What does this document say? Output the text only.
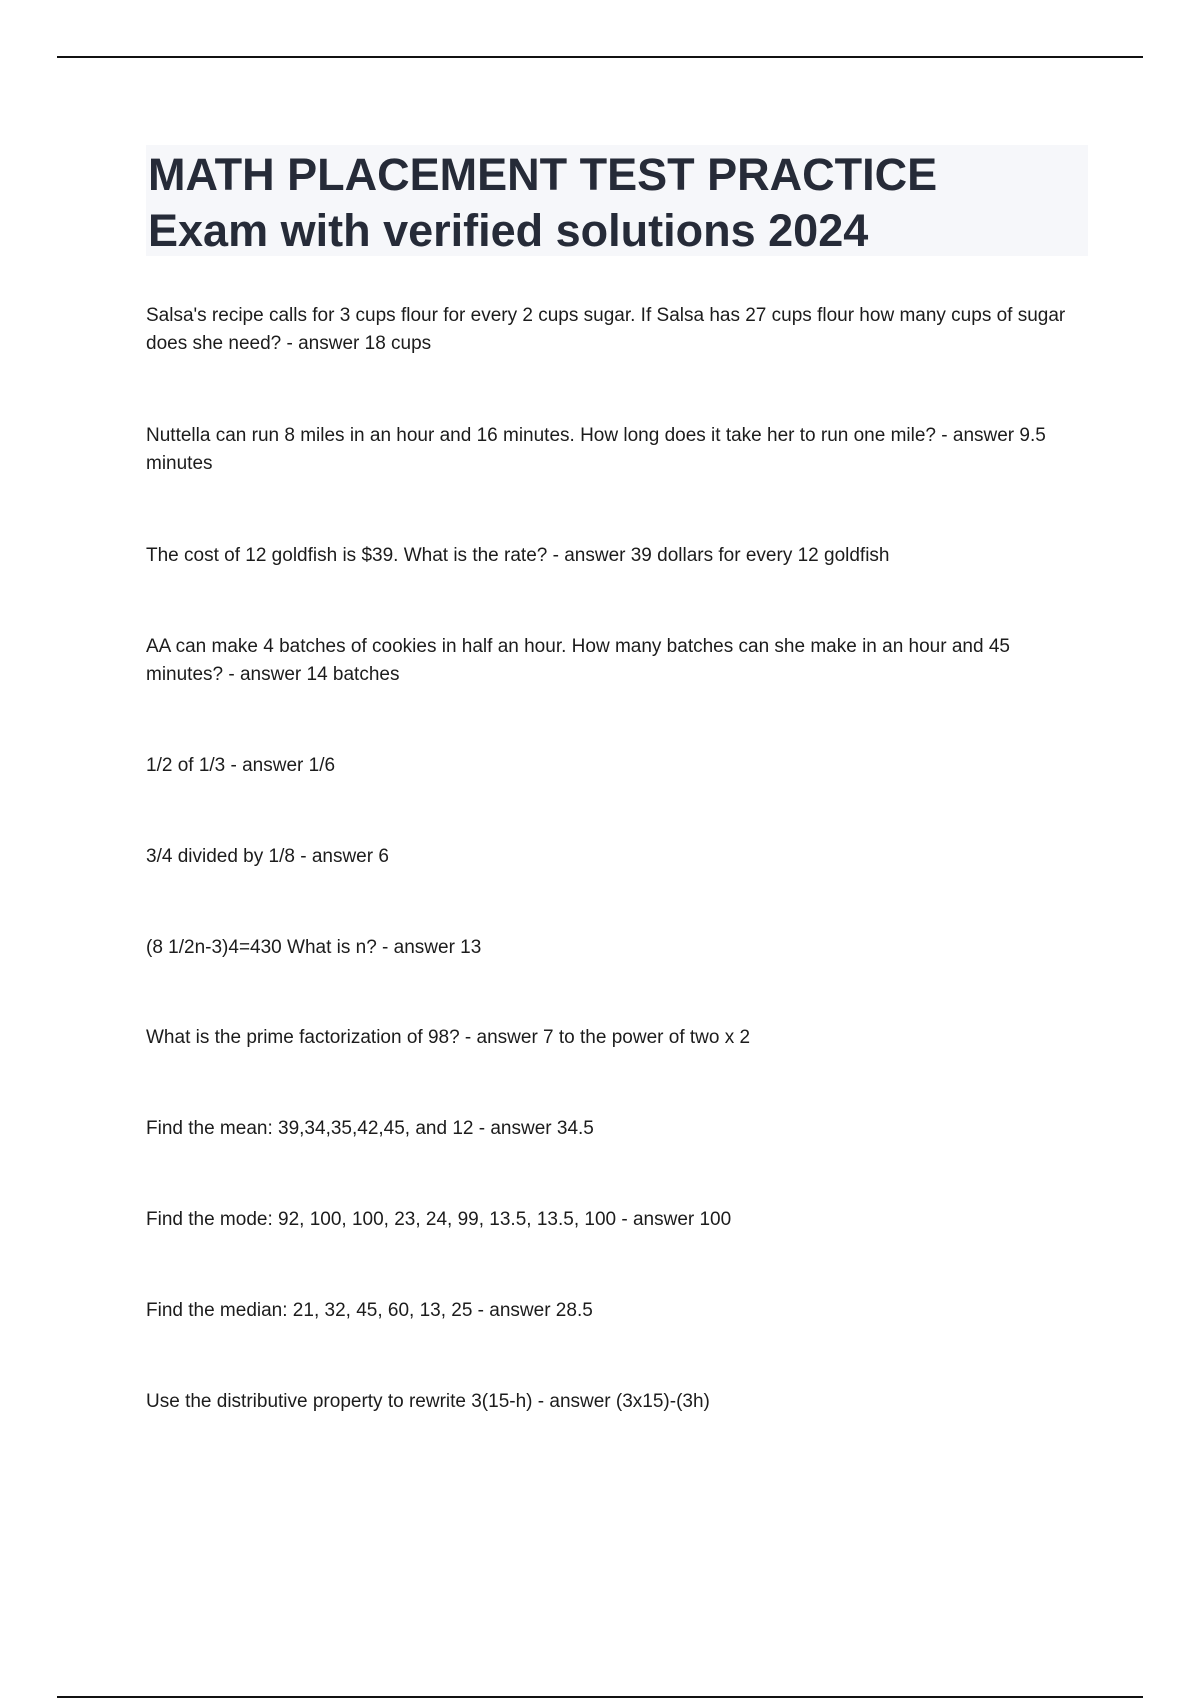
MATH PLACEMENT TEST PRACTICE
Exam with verified solutions 2024

Salsa's recipe calls for 3 cups flour for every 2 cups sugar. If Salsa has 27 cups flour how many cups of sugar does she need? - answer 18 cups

Nuttella can run 8 miles in an hour and 16 minutes. How long does it take her to run one mile? - answer 9.5 minutes

The cost of 12 goldfish is $39. What is the rate? - answer 39 dollars for every 12 goldfish

AA can make 4 batches of cookies in half an hour. How many batches can she make in an hour and 45 minutes? - answer 14 batches

1/2 of 1/3 - answer 1/6

3/4 divided by 1/8 - answer 6

(8 1/2n-3)4=430 What is n? - answer 13

What is the prime factorization of 98? - answer 7 to the power of two x 2

Find the mean: 39,34,35,42,45, and 12 - answer 34.5

Find the mode: 92, 100, 100, 23, 24, 99, 13.5, 13.5, 100 - answer 100

Find the median: 21, 32, 45, 60, 13, 25 - answer 28.5

Use the distributive property to rewrite 3(15-h) - answer (3x15)-(3h)
